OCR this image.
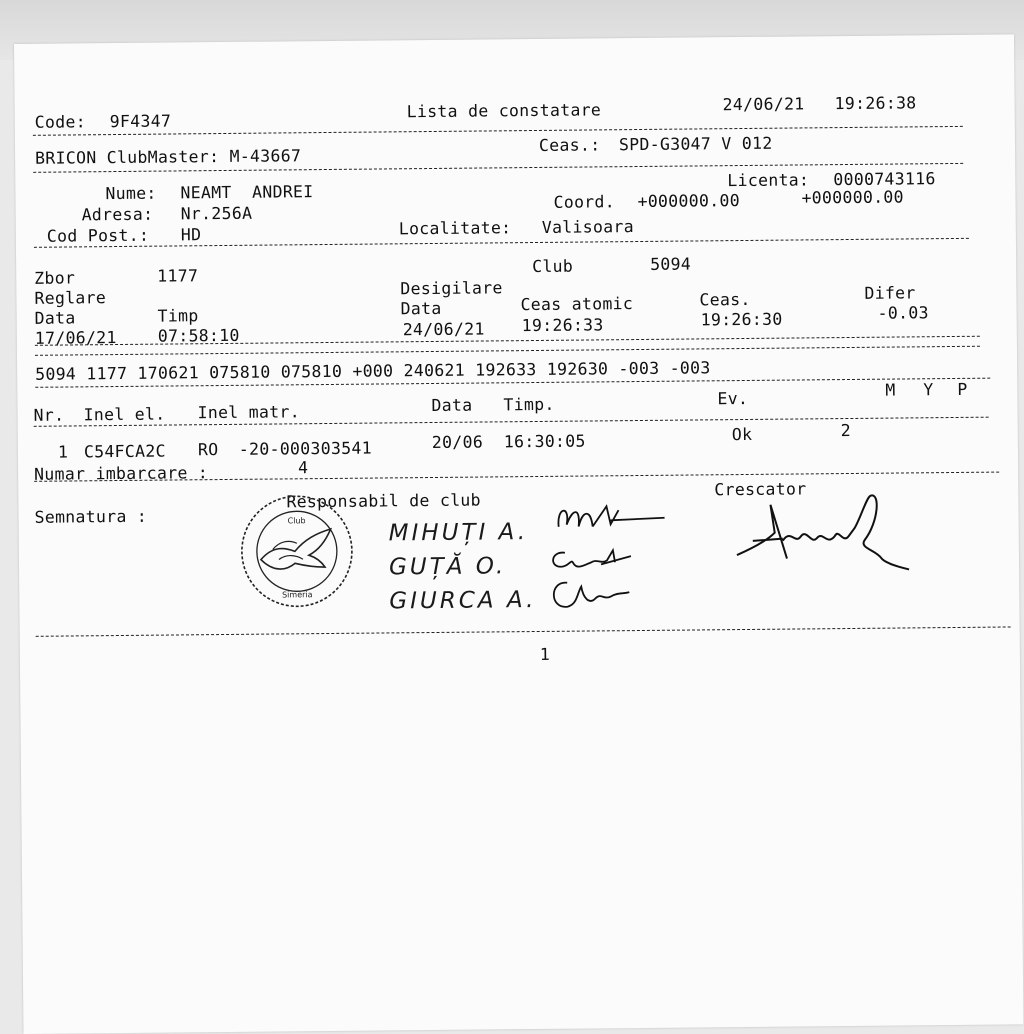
Code: 9F4347
Lista de constatare	24/06/21 19:26:38
BRICON ClubMaster: M-43667
Ceas.: SPD-G3047 V 012
Nume: NEAMT  ANDREI
Licenta: 0000743116
Adresa: Nr.256A
Coord. +000000.00	+000000.00
Cod Post.: HD	Localitate: Valisoara
Zbor	1177	Club	5094
Reglare	Desigilare
Data	Timp	Data	Ceas atomic	Ceas.	Difer
17/06/21 07:58:10	24/06/21 19:26:33	19:26:30	-0.03
5094 1177 170621 075810 075810 +000 240621 192633 192630 -003 -003
Nr. Inel el. Inel matr.	Data Timp.	Ev.	M Y P
1 C54FCA2C RO  -20-000303541	20/06 16:30:05	Ok	2
Numar imbarcare :	4
Semnatura :
Responsabil de club
Crescator
Club
Simeria
MIHUȚI A.
GUȚĂ O.
GIURCA A.
1
